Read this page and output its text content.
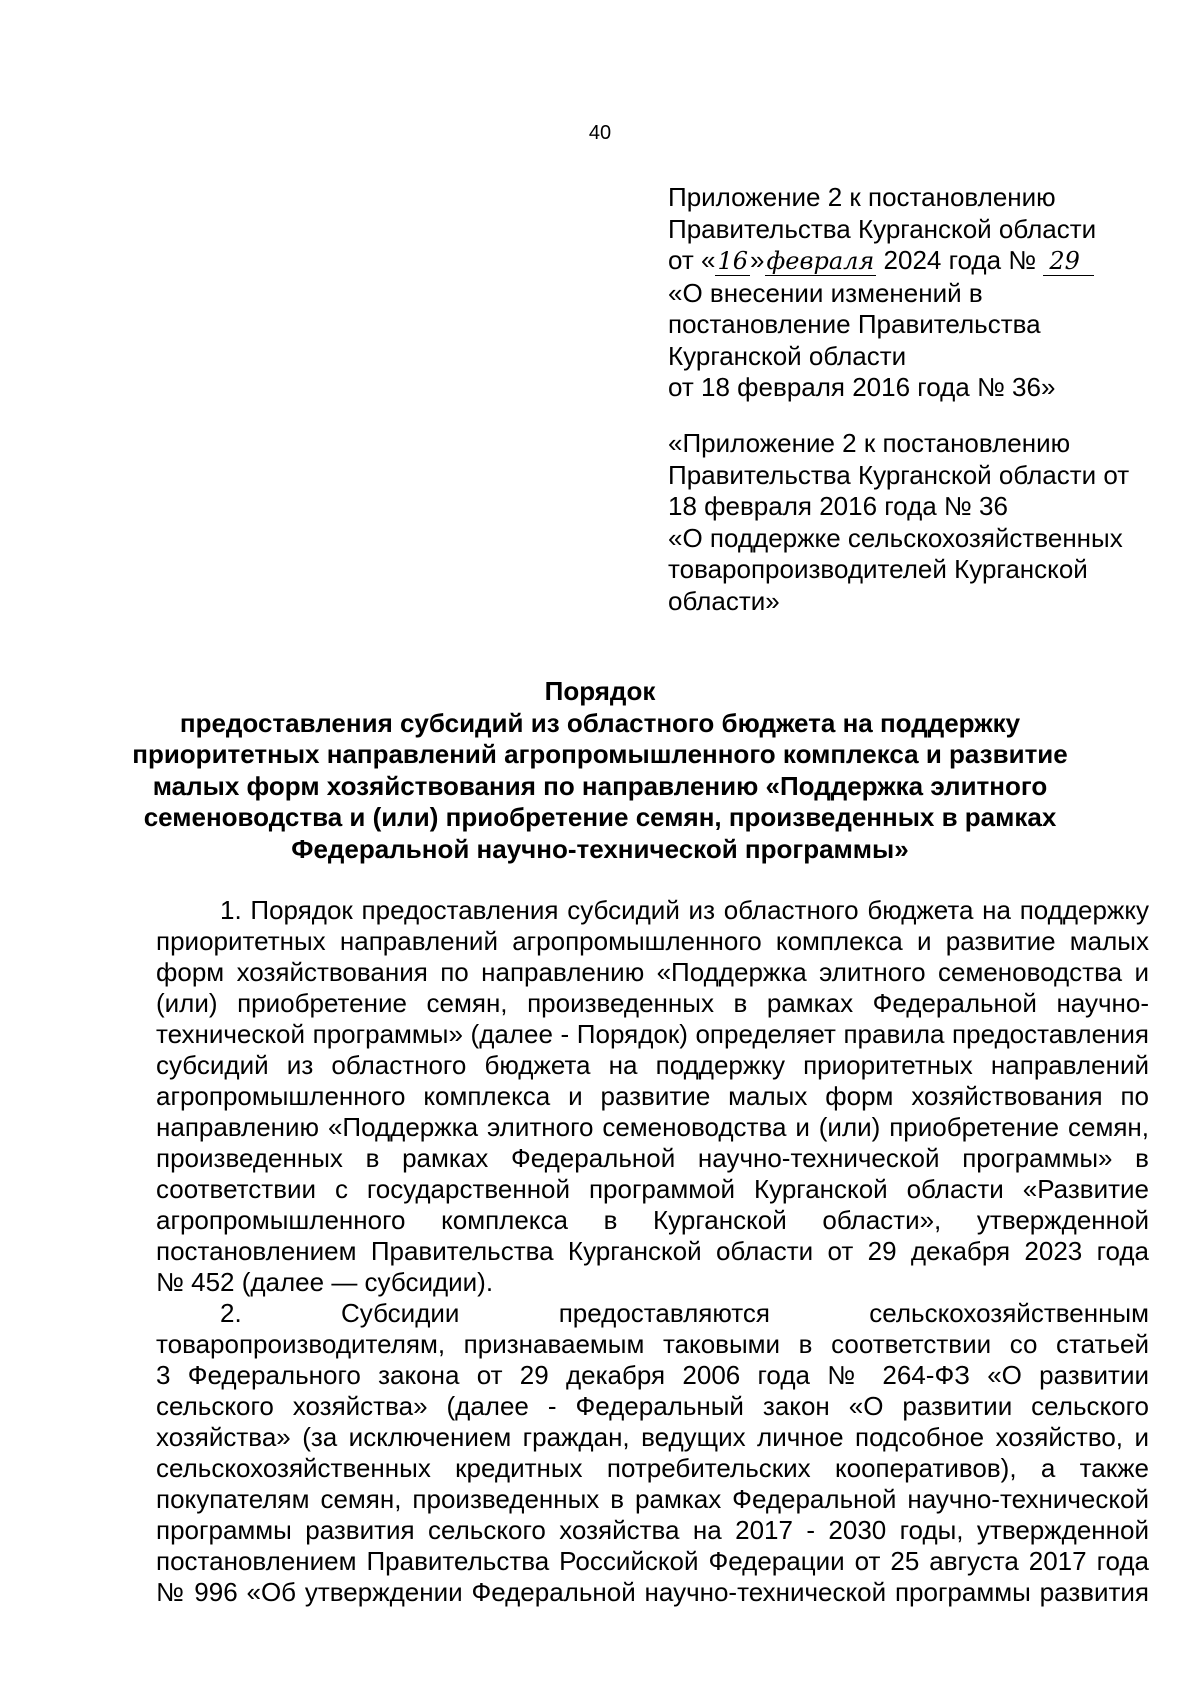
40
Приложение 2 к постановлению
Правительства Курганской области
от «16»февраля 2024 года № 29
«О внесении изменений в
постановление Правительства
Курганской области
от 18 февраля 2016 года № 36»
«Приложение 2 к постановлению
Правительства Курганской области от
18 февраля 2016 года № 36
«О поддержке сельскохозяйственных
товаропроизводителей Курганской
области»
Порядок
предоставления субсидий из областного бюджета на поддержку
приоритетных направлений агропромышленного комплекса и развитие
малых форм хозяйствования по направлению «Поддержка элитного
семеноводства и (или) приобретение семян, произведенных в рамках
Федеральной научно-технической программы»
1. Порядок предоставления субсидий из областного бюджета на поддержку
приоритетных направлений агропромышленного комплекса и развитие малых
форм хозяйствования по направлению «Поддержка элитного семеноводства и
(или) приобретение семян, произведенных в рамках Федеральной научно-
технической программы» (далее - Порядок) определяет правила предоставления
субсидий из областного бюджета на поддержку приоритетных направлений
агропромышленного комплекса и развитие малых форм хозяйствования по
направлению «Поддержка элитного семеноводства и (или) приобретение семян,
произведенных в рамках Федеральной научно-технической программы» в
соответствии с государственной программой Курганской области «Развитие
агропромышленного комплекса в Курганской области», утвержденной
постановлением Правительства Курганской области от 29 декабря 2023 года
№ 452 (далее — субсидии).
2. Субсидии предоставляются сельскохозяйственным
товаропроизводителям, признаваемым таковыми в соответствии со статьей
3 Федерального закона от 29 декабря 2006 года № 264-ФЗ «О развитии
сельского хозяйства» (далее - Федеральный закон «О развитии сельского
хозяйства» (за исключением граждан, ведущих личное подсобное хозяйство, и
сельскохозяйственных кредитных потребительских кооперативов), а также
покупателям семян, произведенных в рамках Федеральной научно-технической
программы развития сельского хозяйства на 2017 - 2030 годы, утвержденной
постановлением Правительства Российской Федерации от 25 августа 2017 года
№ 996 «Об утверждении Федеральной научно-технической программы развития
